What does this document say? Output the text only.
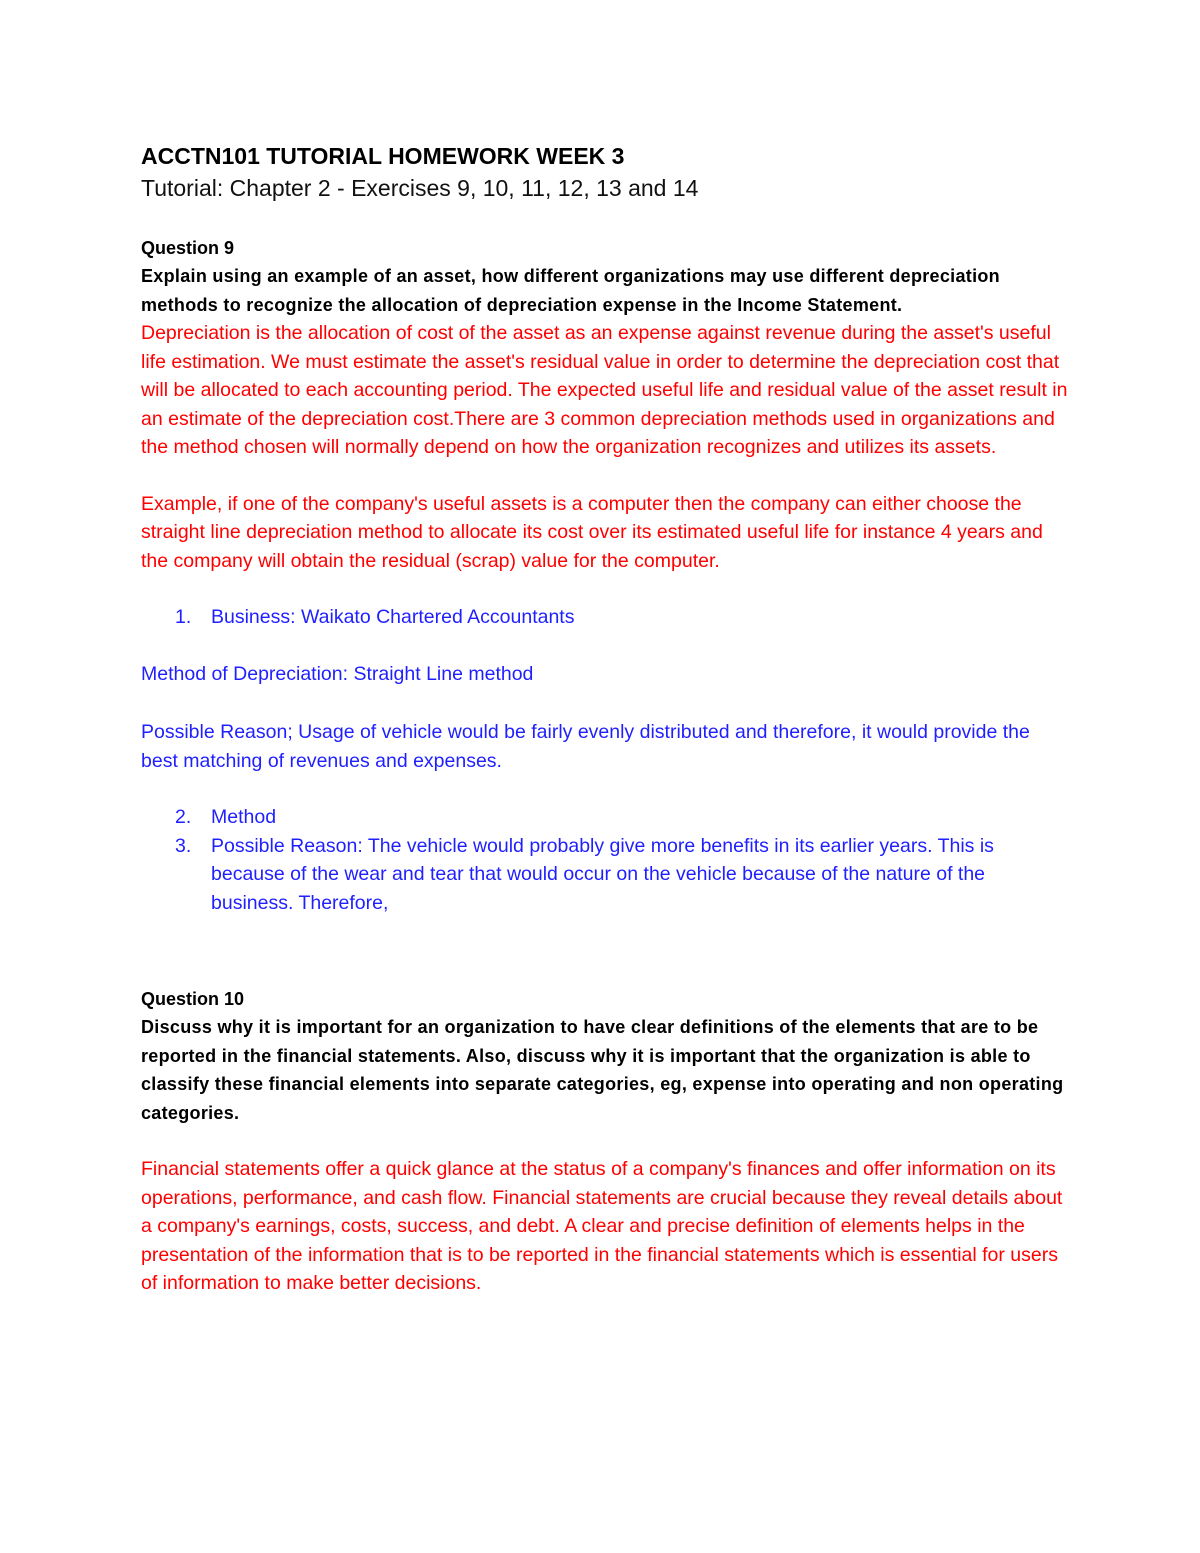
ACCTN101 TUTORIAL HOMEWORK WEEK 3

Tutorial: Chapter 2 - Exercises 9, 10, 11, 12, 13 and 14

Question 9

Explain using an example of an asset, how different organizations may use different depreciation methods to recognize the allocation of depreciation expense in the Income Statement.

Depreciation is the allocation of cost of the asset as an expense against revenue during the asset's useful life estimation. We must estimate the asset's residual value in order to determine the depreciation cost that will be allocated to each accounting period. The expected useful life and residual value of the asset result in an estimate of the depreciation cost.There are 3 common depreciation methods used in organizations and the method chosen will normally depend on how the organization recognizes and utilizes its assets.

Example, if one of the company's useful assets is a computer then the company can either choose the straight line depreciation method to allocate its cost over its estimated useful life for instance 4 years and the company will obtain the residual (scrap) value for the computer.

1. Business: Waikato Chartered Accountants

Method of Depreciation: Straight Line method

Possible Reason; Usage of vehicle would be fairly evenly distributed and therefore, it would provide the best matching of revenues and expenses.

2. Method
3. Possible Reason: The vehicle would probably give more benefits in its earlier years. This is because of the wear and tear that would occur on the vehicle because of the nature of the business. Therefore,

Question 10

Discuss why it is important for an organization to have clear definitions of the elements that are to be reported in the financial statements. Also, discuss why it is important that the organization is able to classify these financial elements into separate categories, eg, expense into operating and non operating categories.

Financial statements offer a quick glance at the status of a company's finances and offer information on its operations, performance, and cash flow. Financial statements are crucial because they reveal details about a company's earnings, costs, success, and debt. A clear and precise definition of elements helps in the presentation of the information that is to be reported in the financial statements which is essential for users of information to make better decisions.
